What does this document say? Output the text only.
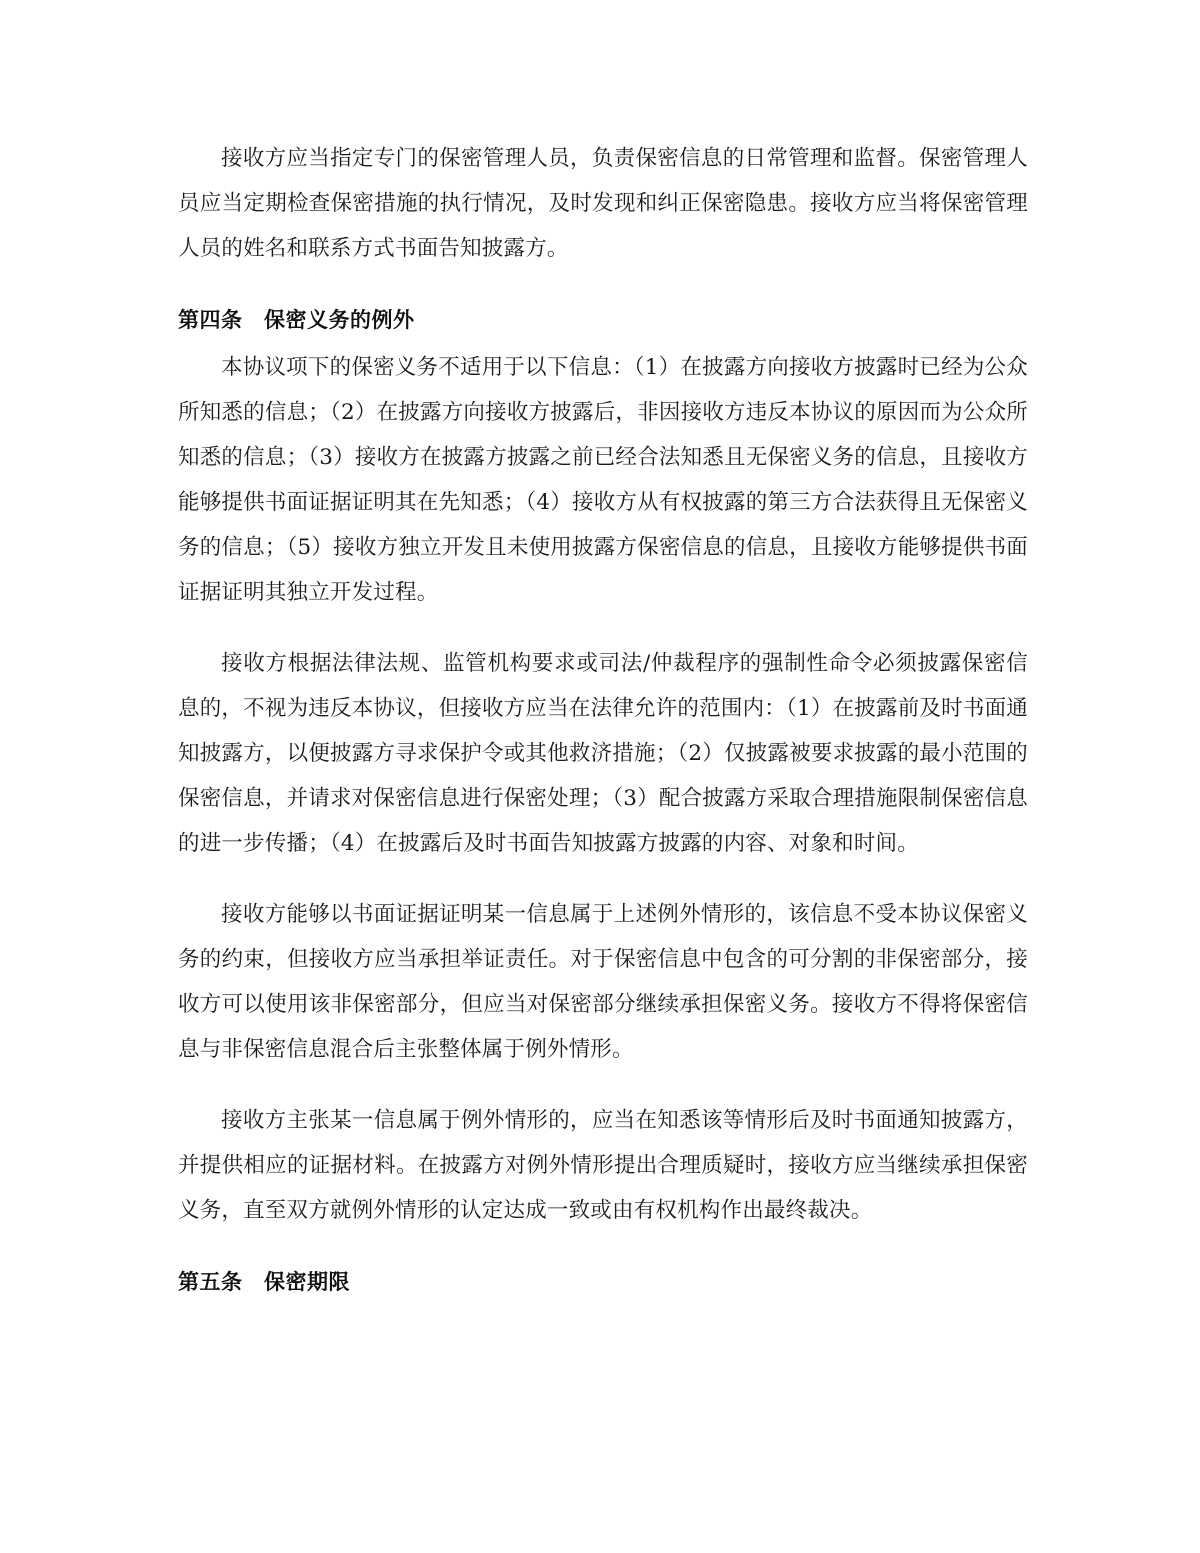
接收方应当指定专门的保密管理人员，负责保密信息的日常管理和监督。保密管理人员应当定期检查保密措施的执行情况，及时发现和纠正保密隐患。接收方应当将保密管理人员的姓名和联系方式书面告知披露方。

第四条　保密义务的例外

本协议项下的保密义务不适用于以下信息：（1）在披露方向接收方披露时已经为公众所知悉的信息；（2）在披露方向接收方披露后，非因接收方违反本协议的原因而为公众所知悉的信息；（3）接收方在披露方披露之前已经合法知悉且无保密义务的信息，且接收方能够提供书面证据证明其在先知悉；（4）接收方从有权披露的第三方合法获得且无保密义务的信息；（5）接收方独立开发且未使用披露方保密信息的信息，且接收方能够提供书面证据证明其独立开发过程。

接收方根据法律法规、监管机构要求或司法/仲裁程序的强制性命令必须披露保密信息的，不视为违反本协议，但接收方应当在法律允许的范围内：（1）在披露前及时书面通知披露方，以便披露方寻求保护令或其他救济措施；（2）仅披露被要求披露的最小范围的保密信息，并请求对保密信息进行保密处理；（3）配合披露方采取合理措施限制保密信息的进一步传播；（4）在披露后及时书面告知披露方披露的内容、对象和时间。

接收方能够以书面证据证明某一信息属于上述例外情形的，该信息不受本协议保密义务的约束，但接收方应当承担举证责任。对于保密信息中包含的可分割的非保密部分，接收方可以使用该非保密部分，但应当对保密部分继续承担保密义务。接收方不得将保密信息与非保密信息混合后主张整体属于例外情形。

接收方主张某一信息属于例外情形的，应当在知悉该等情形后及时书面通知披露方，并提供相应的证据材料。在披露方对例外情形提出合理质疑时，接收方应当继续承担保密义务，直至双方就例外情形的认定达成一致或由有权机构作出最终裁决。

第五条　保密期限
